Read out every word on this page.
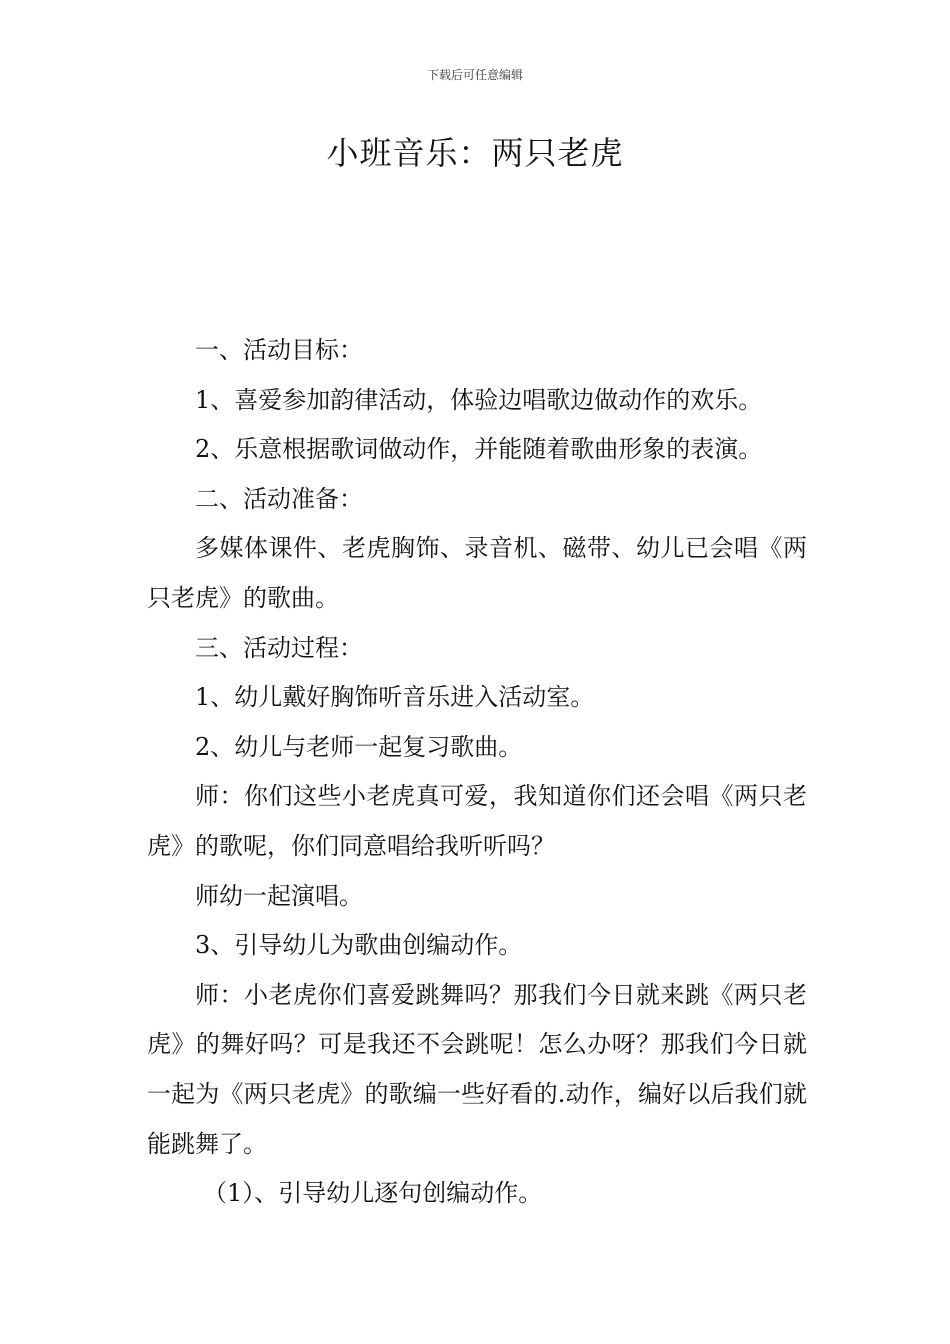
下载后可任意编辑
小班音乐：两只老虎

一、活动目标：

1、喜爱参加韵律活动，体验边唱歌边做动作的欢乐。

2、乐意根据歌词做动作，并能随着歌曲形象的表演。

二、活动准备：

多媒体课件、老虎胸饰、录音机、磁带、幼儿已会唱《两只老虎》的歌曲。

三、活动过程：

1、幼儿戴好胸饰听音乐进入活动室。

2、幼儿与老师一起复习歌曲。

师：你们这些小老虎真可爱，我知道你们还会唱《两只老虎》的歌呢，你们同意唱给我听听吗？

师幼一起演唱。

3、引导幼儿为歌曲创编动作。

师：小老虎你们喜爱跳舞吗？那我们今日就来跳《两只老虎》的舞好吗？可是我还不会跳呢！怎么办呀？那我们今日就一起为《两只老虎》的歌编一些好看的.动作，编好以后我们就能跳舞了。

（1）、引导幼儿逐句创编动作。
